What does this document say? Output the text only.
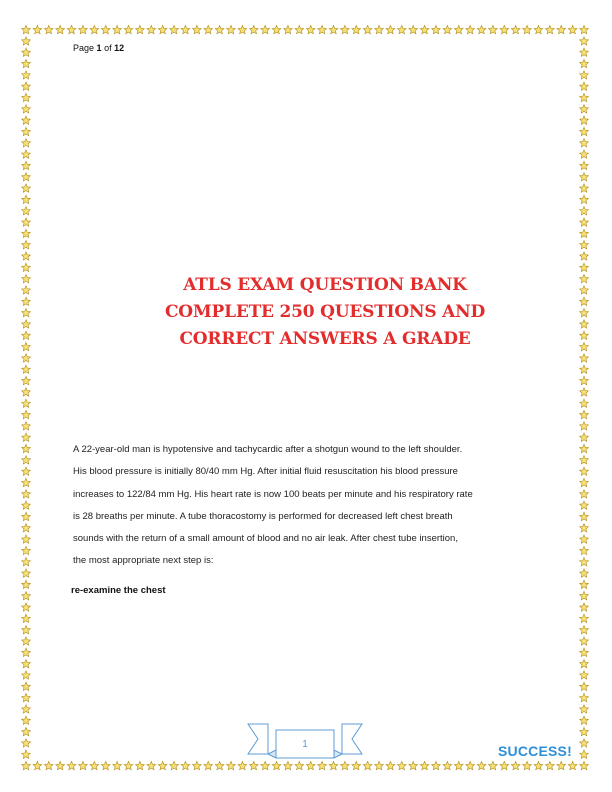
Page 1 of 12
ATLS EXAM QUESTION BANK
COMPLETE 250 QUESTIONS AND
CORRECT ANSWERS A GRADE
A 22-year-old man is hypotensive and tachycardic after a shotgun wound to the left shoulder.
His blood pressure is initially 80/40 mm Hg. After initial fluid resuscitation his blood pressure
increases to 122/84 mm Hg. His heart rate is now 100 beats per minute and his respiratory rate
is 28 breaths per minute. A tube thoracostomy is performed for decreased left chest breath
sounds with the return of a small amount of blood and no air leak. After chest tube insertion,
the most appropriate next step is:
re-examine the chest
1	SUCCESS!
